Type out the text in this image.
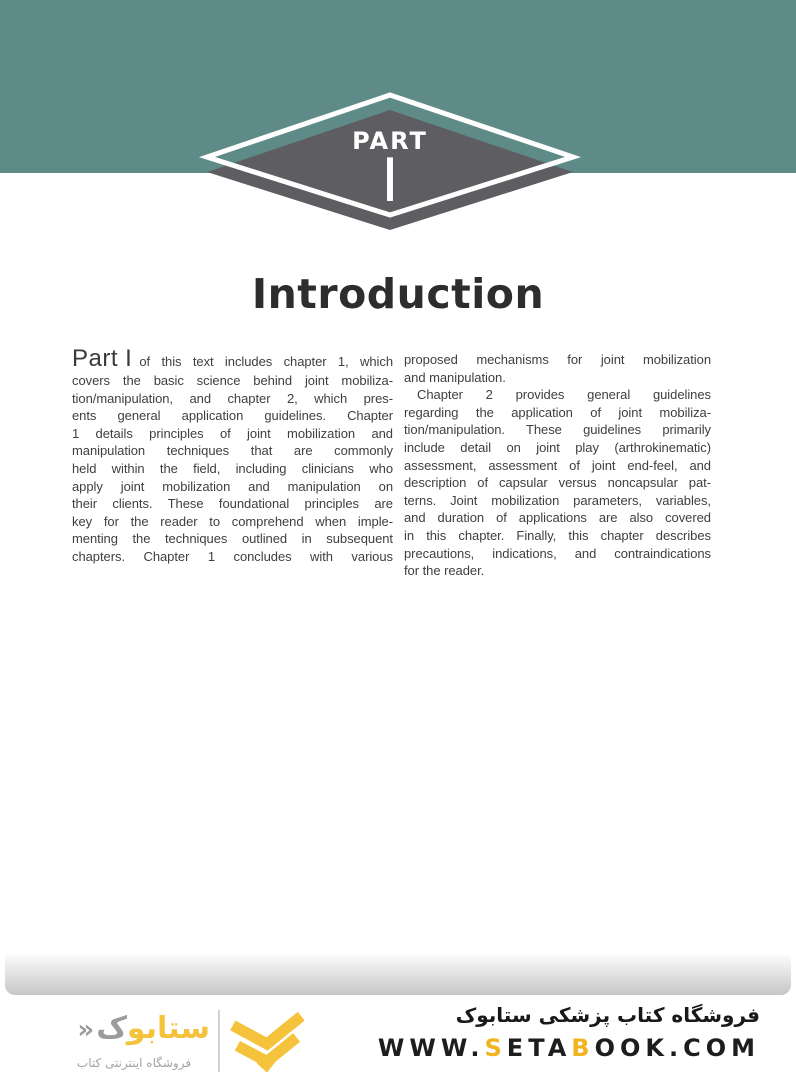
PART
I
Introduction
Part I of this text includes chapter 1, which
covers the basic science behind joint mobiliza-
tion/manipulation, and chapter 2, which pres-
ents general application guidelines. Chapter
1 details principles of joint mobilization and
manipulation techniques that are commonly
held within the field, including clinicians who
apply joint mobilization and manipulation on
their clients. These foundational principles are
key for the reader to comprehend when imple-
menting the techniques outlined in subsequent
chapters. Chapter 1 concludes with various
proposed mechanisms for joint mobilization
and manipulation.
Chapter 2 provides general guidelines
regarding the application of joint mobiliza-
tion/manipulation. These guidelines primarily
include detail on joint play (arthrokinematic)
assessment, assessment of joint end-feel, and
description of capsular versus noncapsular pat-
terns. Joint mobilization parameters, variables,
and duration of applications are also covered
in this chapter. Finally, this chapter describes
precautions, indications, and contraindications
for the reader.
ستابوک«
فروشگاه اینترنتی کتاب
فروشگاه کتاب پزشکی ستابوک
WWW.SETABOOK.COM
